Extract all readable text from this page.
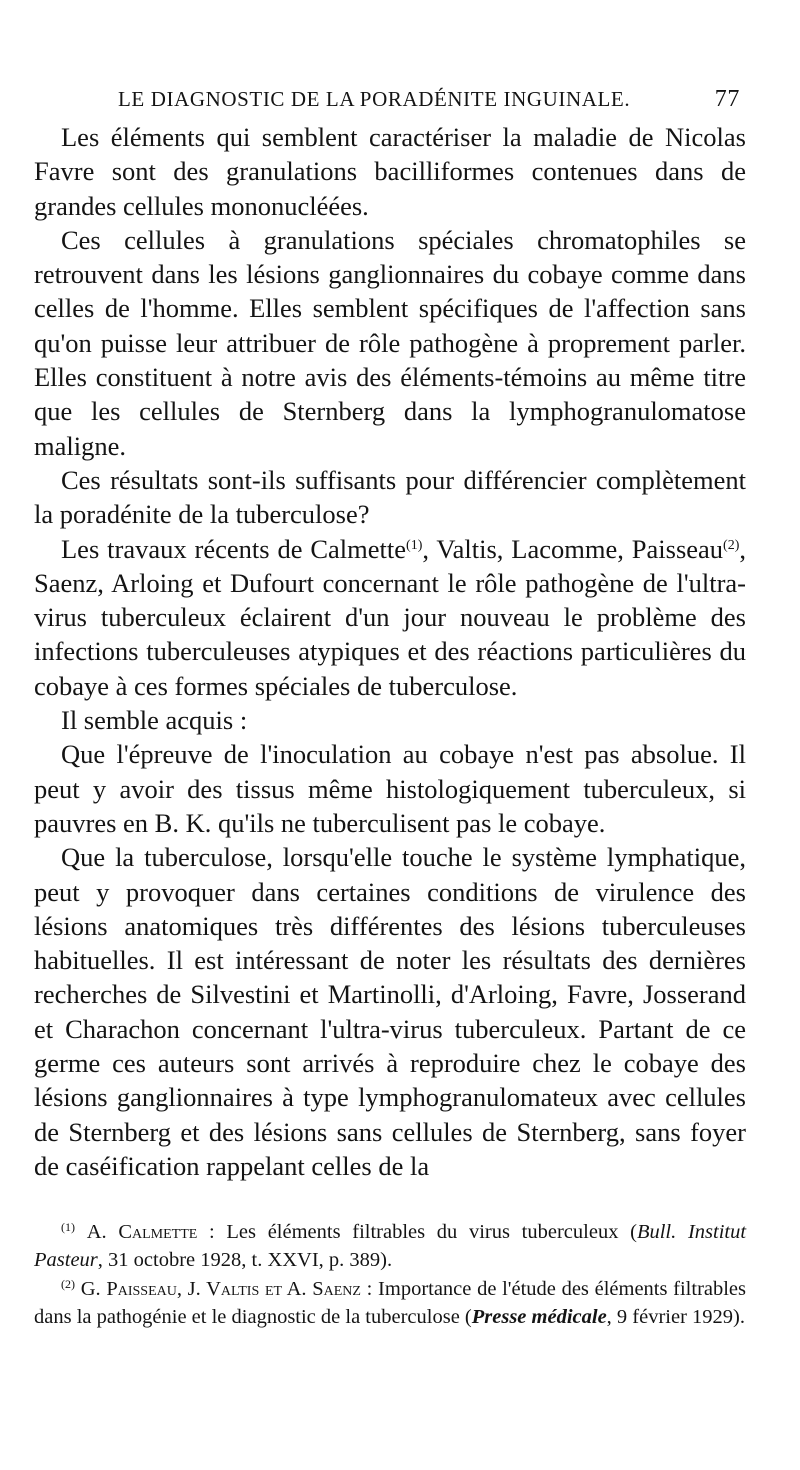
LE DIAGNOSTIC DE LA PORADÉNITE INGUINALE.	77

Les éléments qui semblent caractériser la maladie de Nicolas Favre sont des granulations bacilliformes contenues dans de grandes cellules mononucléées.

Ces cellules à granulations spéciales chromatophiles se retrouvent dans les lésions ganglionnaires du cobaye comme dans celles de l'homme. Elles semblent spécifiques de l'affection sans qu'on puisse leur attribuer de rôle pathogène à proprement parler. Elles constituent à notre avis des éléments-témoins au même titre que les cellules de Sternberg dans la lymphogranulomatose maligne.

Ces résultats sont-ils suffisants pour différencier complètement la poradénite de la tuberculose?

Les travaux récents de Calmette$^{(1)}$, Valtis, Lacomme, Paisseau$^{(2)}$, Saenz, Arloing et Dufourt concernant le rôle pathogène de l'ultra-virus tuberculeux éclairent d'un jour nouveau le problème des infections tuberculeuses atypiques et des réactions particulières du cobaye à ces formes spéciales de tuberculose.

Il semble acquis :

Que l'épreuve de l'inoculation au cobaye n'est pas absolue. Il peut y avoir des tissus même histologiquement tuberculeux, si pauvres en B. K. qu'ils ne tuberculisent pas le cobaye.

Que la tuberculose, lorsqu'elle touche le système lymphatique, peut y provoquer dans certaines conditions de virulence des lésions anatomiques très différentes des lésions tuberculeuses habituelles. Il est intéressant de noter les résultats des dernières recherches de Silvestini et Martinolli, d'Arloing, Favre, Josserand et Charachon concernant l'ultra-virus tuberculeux. Partant de ce germe ces auteurs sont arrivés à reproduire chez le cobaye des lésions ganglionnaires à type lymphogranulomateux avec cellules de Sternberg et des lésions sans cellules de Sternberg, sans foyer de caséification rappelant celles de la

$^{(1)}$ A. Calmette : Les éléments filtrables du virus tuberculeux (Bull. Institut Pasteur, 31 octobre 1928, t. XXVI, p. 389).

$^{(2)}$ G. Paisseau, J. Valtis et A. Saenz : Importance de l'étude des éléments filtrables dans la pathogénie et le diagnostic de la tuberculose (Presse médicale, 9 février 1929).
